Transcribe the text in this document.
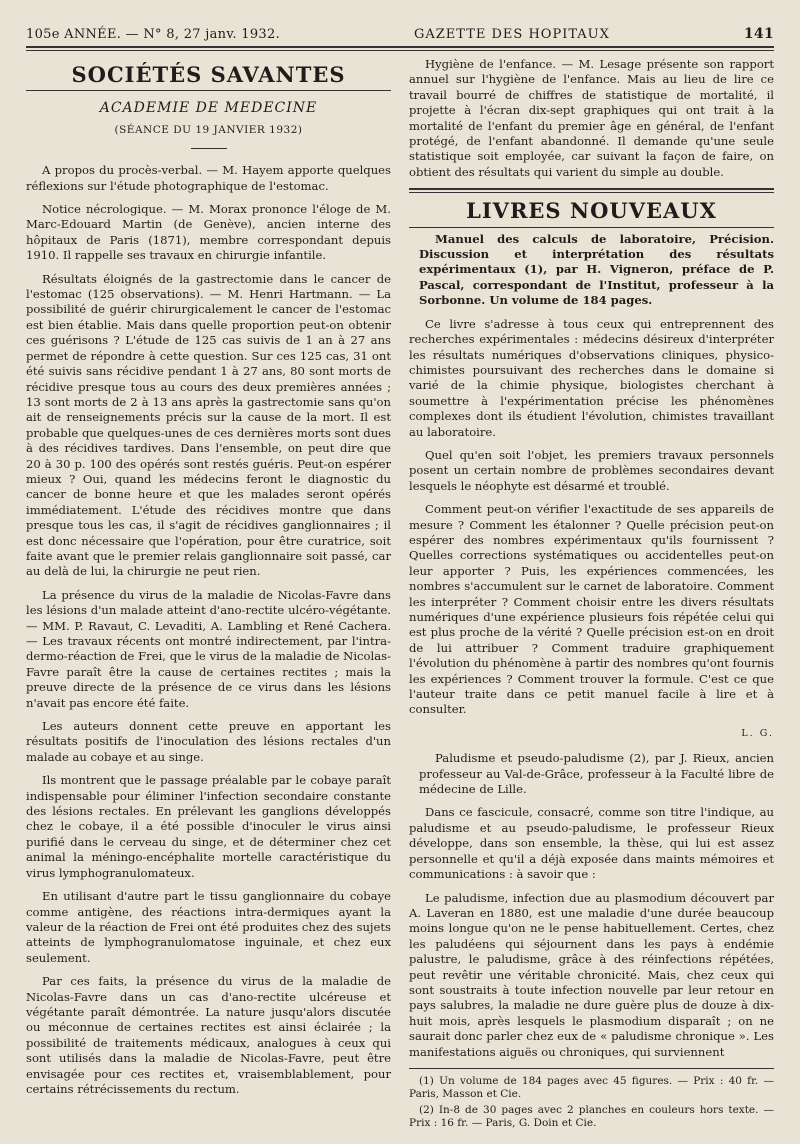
105e ANNÉE. — N° 8, 27 janv. 1932.	GAZETTE DES HOPITAUX	141
SOCIÉTÉS SAVANTES
ACADEMIE DE MEDECINE
(SÉANCE DU 19 JANVIER 1932)

A propos du procès-verbal. — M. Hayem apporte quelques réflexions sur l'étude photographique de l'estomac.

Notice nécrologique. — M. Morax prononce l'éloge de M. Marc-Edouard Martin (de Genève), ancien interne des hôpitaux de Paris (1871), membre correspondant depuis 1910. Il rappelle ses travaux en chirurgie infantile.

Résultats éloignés de la gastrectomie dans le cancer de l'estomac (125 observations). — M. Henri Hartmann. — La possibilité de guérir chirurgicalement le cancer de l'estomac est bien établie. Mais dans quelle proportion peut-on obtenir ces guérisons ? L'étude de 125 cas suivis de 1 an à 27 ans permet de répondre à cette question. Sur ces 125 cas, 31 ont été suivis sans récidive pendant 1 à 27 ans, 80 sont morts de récidive presque tous au cours des deux premières années ; 13 sont morts de 2 à 13 ans après la gastrectomie sans qu'on ait de renseignements précis sur la cause de la mort. Il est probable que quelques-unes de ces dernières morts sont dues à des récidives tardives. Dans l'ensemble, on peut dire que 20 à 30 p. 100 des opérés sont restés guéris. Peut-on espérer mieux ? Oui, quand les médecins feront le diagnostic du cancer de bonne heure et que les malades seront opérés immédiatement. L'étude des récidives montre que dans presque tous les cas, il s'agit de récidives ganglionnaires ; il est donc nécessaire que l'opération, pour être curatrice, soit faite avant que le premier relais ganglionnaire soit passé, car au delà de lui, la chirurgie ne peut rien.

La présence du virus de la maladie de Nicolas-Favre dans les lésions d'un malade atteint d'ano-rectite ulcéro-végétante. — MM. P. Ravaut, C. Levaditi, A. Lambling et René Cachera. — Les travaux récents ont montré indirectement, par l'intra-dermo-réaction de Frei, que le virus de la maladie de Nicolas-Favre paraît être la cause de certaines rectites ; mais la preuve directe de la présence de ce virus dans les lésions n'avait pas encore été faite.

Les auteurs donnent cette preuve en apportant les résultats positifs de l'inoculation des lésions rectales d'un malade au cobaye et au singe.

Ils montrent que le passage préalable par le cobaye paraît indispensable pour éliminer l'infection secondaire constante des lésions rectales. En prélevant les ganglions développés chez le cobaye, il a été possible d'inoculer le virus ainsi purifié dans le cerveau du singe, et de déterminer chez cet animal la méningo-encéphalite mortelle caractéristique du virus lymphogranulomateux.

En utilisant d'autre part le tissu ganglionnaire du cobaye comme antigène, des réactions intra-dermiques ayant la valeur de la réaction de Frei ont été produites chez des sujets atteints de lymphogranulomatose inguinale, et chez eux seulement.

Par ces faits, la présence du virus de la maladie de Nicolas-Favre dans un cas d'ano-rectite ulcéreuse et végétante paraît démontrée. La nature jusqu'alors discutée ou méconnue de certaines rectites est ainsi éclairée ; la possibilité de traitements médicaux, analogues à ceux qui sont utilisés dans la maladie de Nicolas-Favre, peut être envisagée pour ces rectites et, vraisemblablement, pour certains rétrécissements du rectum.

Hygiène de l'enfance. — M. Lesage présente son rapport annuel sur l'hygiène de l'enfance. Mais au lieu de lire ce travail bourré de chiffres de statistique de mortalité, il projette à l'écran dix-sept graphiques qui ont trait à la mortalité de l'enfant du premier âge en général, de l'enfant protégé, de l'enfant abandonné. Il demande qu'une seule statistique soit employée, car suivant la façon de faire, on obtient des résultats qui varient du simple au double.

LIVRES NOUVEAUX

Manuel des calculs de laboratoire, Précision. Discussion et interprétation des résultats expérimentaux (1), par H. Vigneron, préface de P. Pascal, correspondant de l'Institut, professeur à la Sorbonne. Un volume de 184 pages.

Ce livre s'adresse à tous ceux qui entreprennent des recherches expérimentales : médecins désireux d'interpréter les résultats numériques d'observations cliniques, physico-chimistes poursuivant des recherches dans le domaine si varié de la chimie physique, biologistes cherchant à soumettre à l'expérimentation précise les phénomènes complexes dont ils étudient l'évolution, chimistes travaillant au laboratoire.

Quel qu'en soit l'objet, les premiers travaux personnels posent un certain nombre de problèmes secondaires devant lesquels le néophyte est désarmé et troublé.

Comment peut-on vérifier l'exactitude de ses appareils de mesure ? Comment les étalonner ? Quelle précision peut-on espérer des nombres expérimentaux qu'ils fournissent ? Quelles corrections systématiques ou accidentelles peut-on leur apporter ? Puis, les expériences commencées, les nombres s'accumulent sur le carnet de laboratoire. Comment les interpréter ? Comment choisir entre les divers résultats numériques d'une expérience plusieurs fois répétée celui qui est plus proche de la vérité ? Quelle précision est-on en droit de lui attribuer ? Comment traduire graphiquement l'évolution du phénomène à partir des nombres qu'ont fournis les expériences ? Comment trouver la formule. C'est ce que l'auteur traite dans ce petit manuel facile à lire et à consulter.

L. G.

Paludisme et pseudo-paludisme (2), par J. Rieux, ancien professeur au Val-de-Grâce, professeur à la Faculté libre de médecine de Lille.

Dans ce fascicule, consacré, comme son titre l'indique, au paludisme et au pseudo-paludisme, le professeur Rieux développe, dans son ensemble, la thèse, qui lui est assez personnelle et qu'il a déjà exposée dans maints mémoires et communications : à savoir que :

Le paludisme, infection due au plasmodium découvert par A. Laveran en 1880, est une maladie d'une durée beaucoup moins longue qu'on ne le pense habituellement. Certes, chez les paludéens qui séjournent dans les pays à endémie palustre, le paludisme, grâce à des réinfections répétées, peut revêtir une véritable chronicité. Mais, chez ceux qui sont soustraits à toute infection nouvelle par leur retour en pays salubres, la maladie ne dure guère plus de douze à dix-huit mois, après lesquels le plasmodium disparaît ; on ne saurait donc parler chez eux de « paludisme chronique ». Les manifestations aiguës ou chroniques, qui surviennent

(1) Un volume de 184 pages avec 45 figures. — Prix : 40 fr. — Paris, Masson et Cie.

(2) In-8 de 30 pages avec 2 planches en couleurs hors texte. — Prix : 16 fr. — Paris, G. Doin et Cie.
